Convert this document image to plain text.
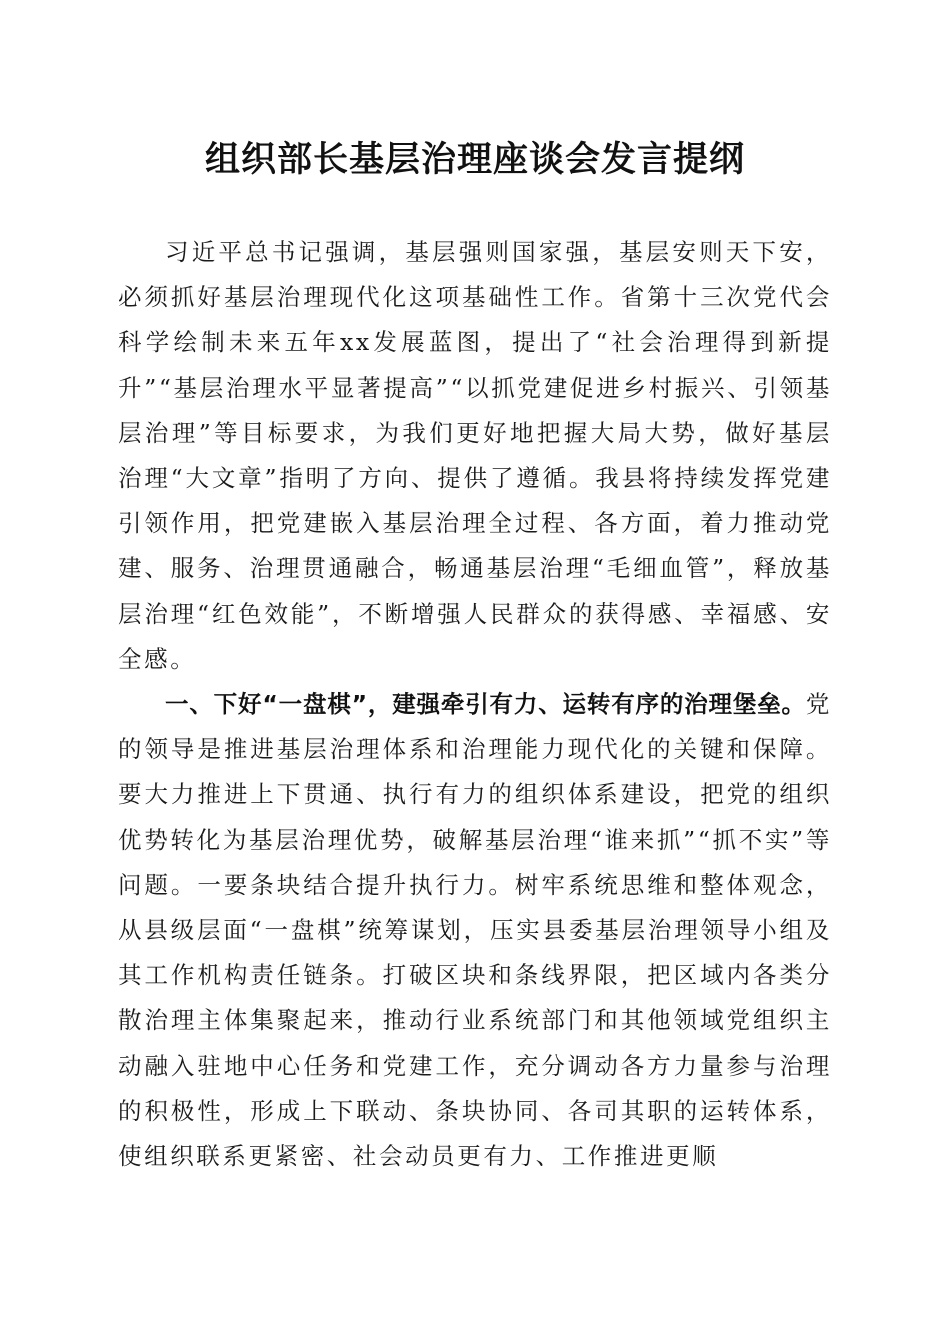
组织部长基层治理座谈会发言提纲

习近平总书记强调，基层强则国家强，基层安则天下安，必须抓好基层治理现代化这项基础性工作。省第十三次党代会科学绘制未来五年xx发展蓝图，提出了“社会治理得到新提升”“基层治理水平显著提高”“以抓党建促进乡村振兴、引领基层治理”等目标要求，为我们更好地把握大局大势，做好基层治理“大文章”指明了方向、提供了遵循。我县将持续发挥党建引领作用，把党建嵌入基层治理全过程、各方面，着力推动党建、服务、治理贯通融合，畅通基层治理“毛细血管”，释放基层治理“红色效能”，不断增强人民群众的获得感、幸福感、安全感。

一、下好“一盘棋”，建强牵引有力、运转有序的治理堡垒。党的领导是推进基层治理体系和治理能力现代化的关键和保障。要大力推进上下贯通、执行有力的组织体系建设，把党的组织优势转化为基层治理优势，破解基层治理“谁来抓”“抓不实”等问题。一要条块结合提升执行力。树牢系统思维和整体观念，从县级层面“一盘棋”统筹谋划，压实县委基层治理领导小组及其工作机构责任链条。打破区块和条线界限，把区域内各类分散治理主体集聚起来，推动行业系统部门和其他领域党组织主动融入驻地中心任务和党建工作，充分调动各方力量参与治理的积极性，形成上下联动、条块协同、各司其职的运转体系，使组织联系更紧密、社会动员更有力、工作推进更顺
